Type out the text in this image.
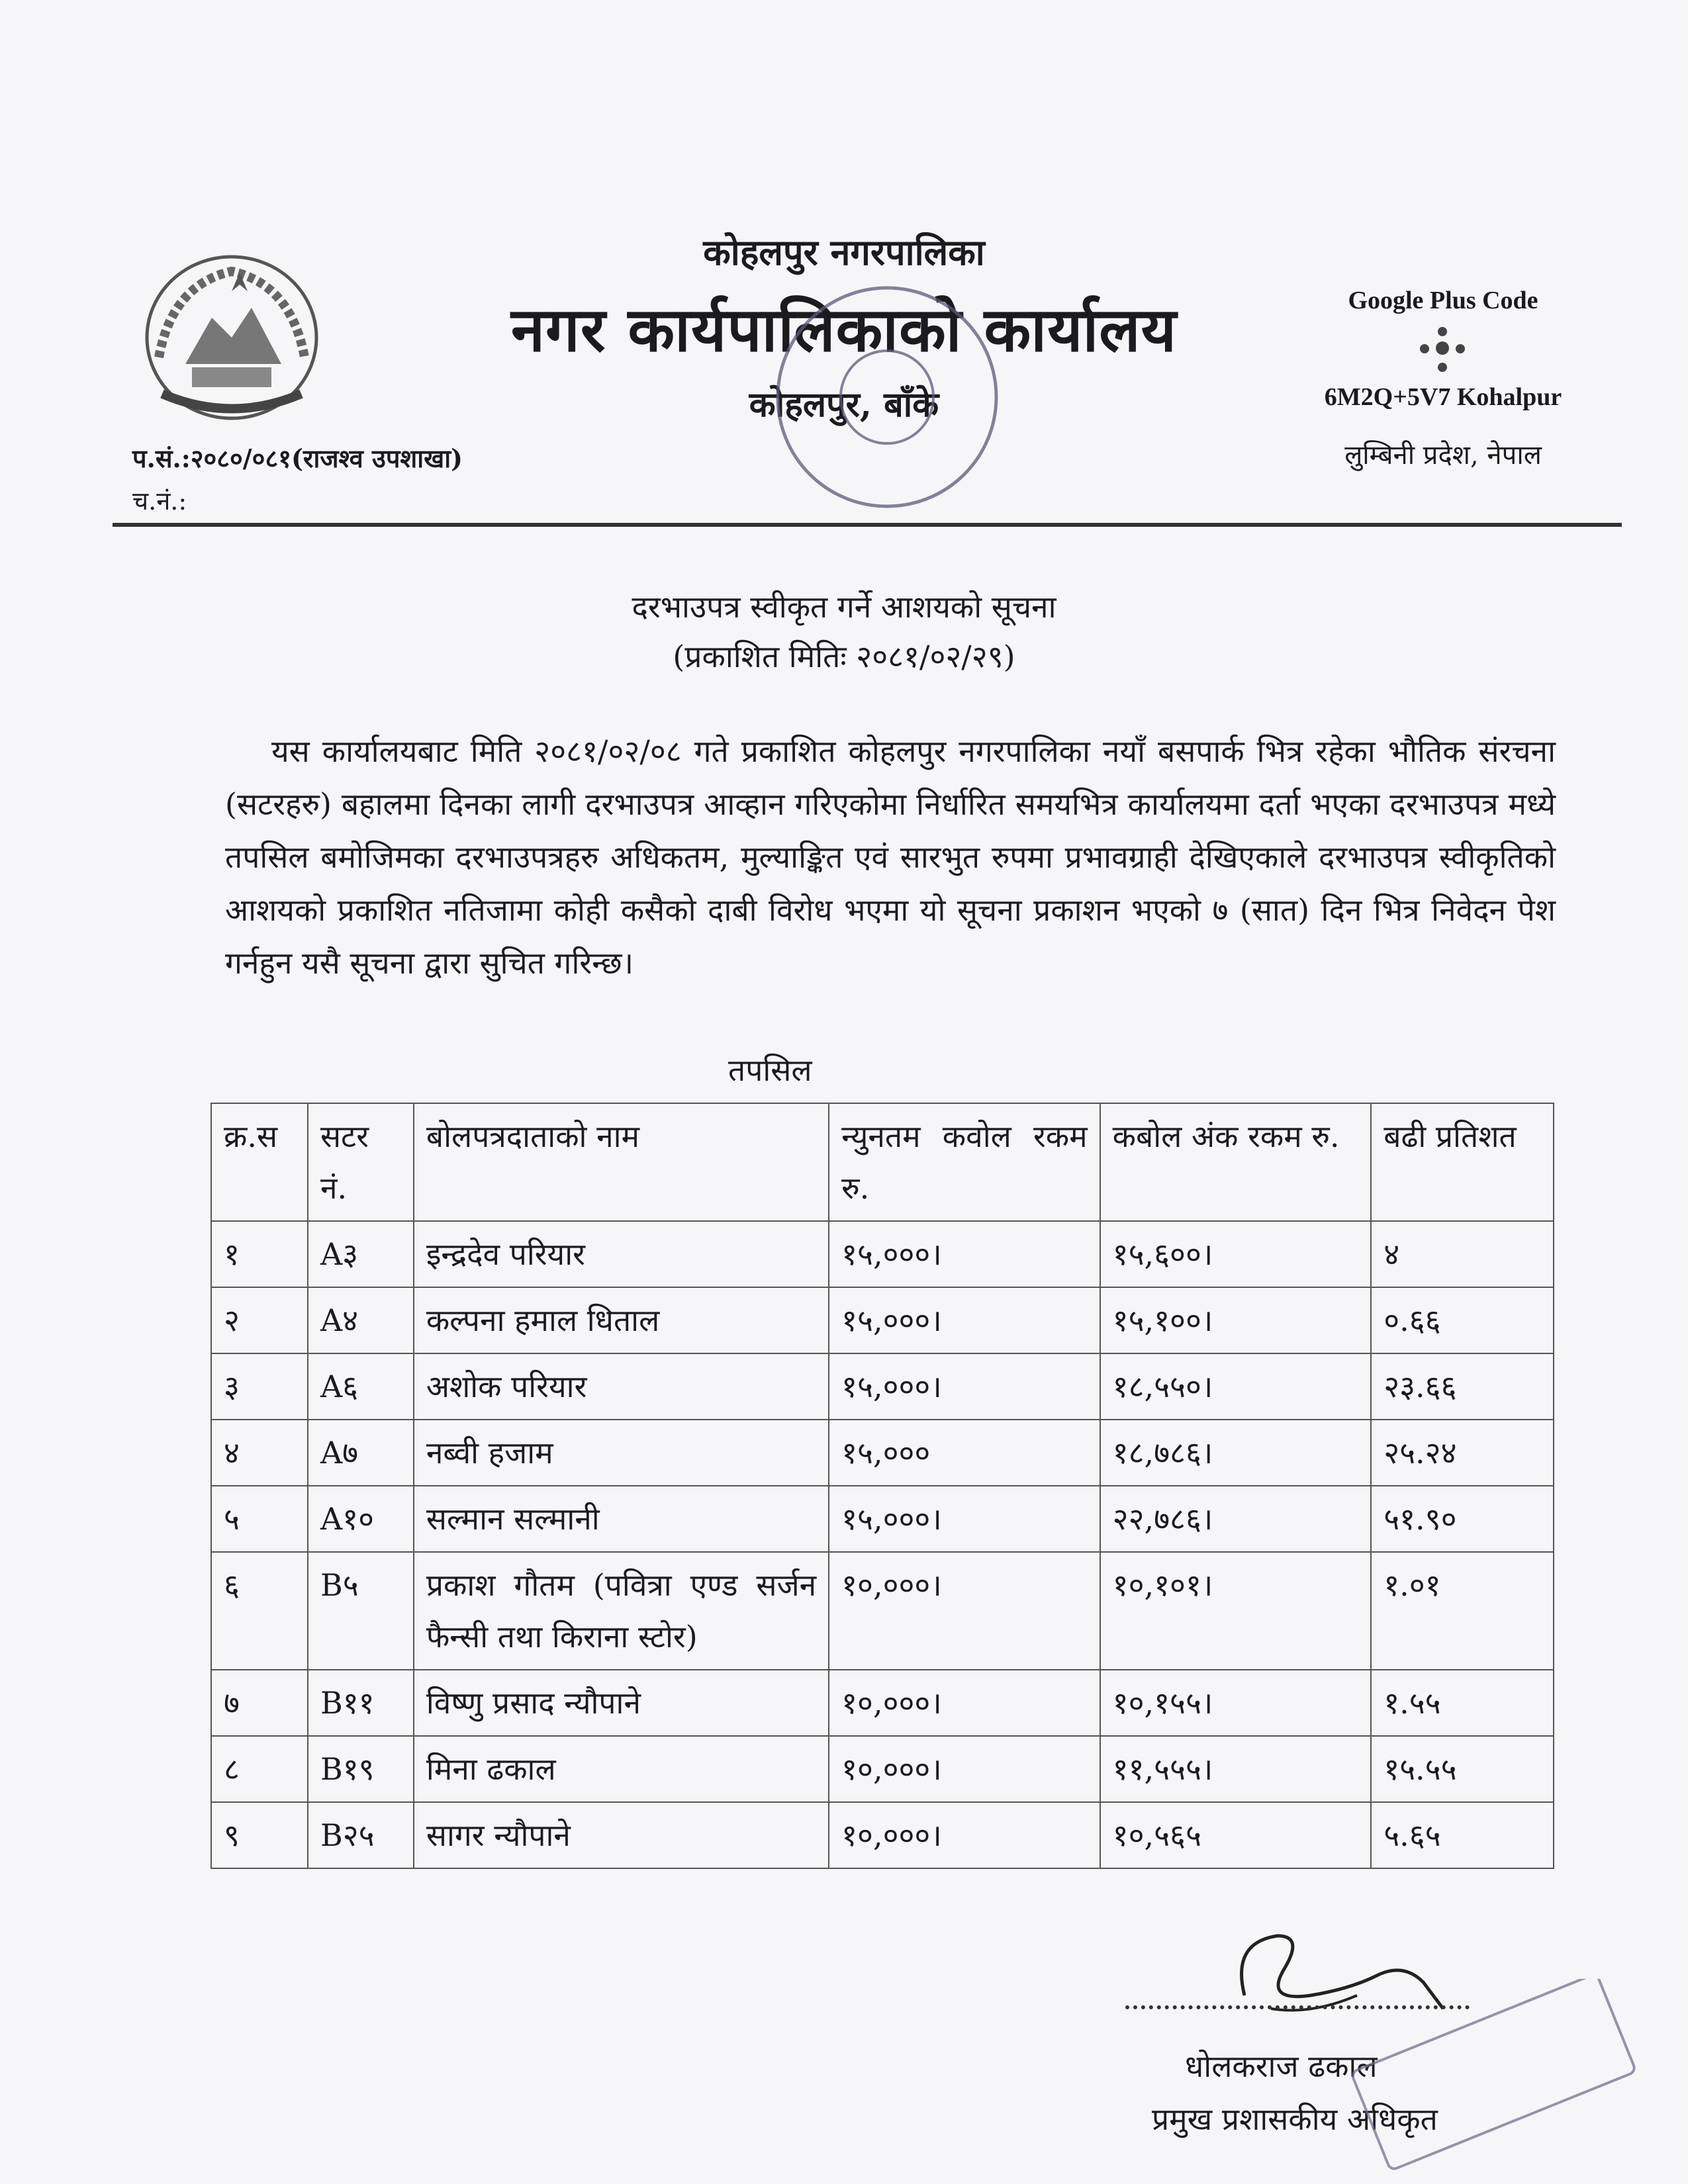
कोहलपुर नगरपालिका
नगर कार्यपालिकाको कार्यालय
कोहलपुर, बाँके
Google Plus Code
6M2Q+5V7 Kohalpur
लुम्बिनी प्रदेश, नेपाल
प.सं.:२०८०/०८१(राजश्व उपशाखा)
च.नं.:
दरभाउपत्र स्वीकृत गर्ने आशयको सूचना
(प्रकाशित मितिः २०८१/०२/२९)
यस कार्यालयबाट मिति २०८१/०२/०८ गते प्रकाशित कोहलपुर नगरपालिका नयाँ बसपार्क भित्र रहेका भौतिक संरचना (सटरहरु) बहालमा दिनका लागी दरभाउपत्र आव्हान गरिएकोमा निर्धारित समयभित्र कार्यालयमा दर्ता भएका दरभाउपत्र मध्ये तपसिल बमोजिमका दरभाउपत्रहरु अधिकतम, मुल्याङ्कित एवं सारभुत रुपमा प्रभावग्राही देखिएकाले दरभाउपत्र स्वीकृतिको आशयको प्रकाशित नतिजामा कोही कसैको दाबी विरोध भएमा यो सूचना प्रकाशन भएको ७ (सात) दिन भित्र निवेदन पेश गर्नहुन यसै सूचना द्वारा सुचित गरिन्छ।
तपसिल
क्र.स	सटर नं.	बोलपत्रदाताको नाम	न्युनतम कवोल रकम रु.	कबोल अंक रकम रु.	बढी प्रतिशत
१	A३	इन्द्रदेव परियार	१५,०००।	१५,६००।	४
२	A४	कल्पना हमाल धिताल	१५,०००।	१५,१००।	०.६६
३	A६	अशोक परियार	१५,०००।	१८,५५०।	२३.६६
४	A७	नब्वी हजाम	१५,०००	१८,७८६।	२५.२४
५	A१०	सल्मान सल्मानी	१५,०००।	२२,७८६।	५१.९०
६	B५	प्रकाश गौतम (पवित्रा एण्ड सर्जन फैन्सी तथा किराना स्टोर)	१०,०००।	१०,१०१।	१.०१
७	B११	विष्णु प्रसाद न्यौपाने	१०,०००।	१०,१५५।	१.५५
८	B१९	मिना ढकाल	१०,०००।	११,५५५।	१५.५५
९	B२५	सागर न्यौपाने	१०,०००।	१०,५६५	५.६५
धोलकराज ढकाल
प्रमुख प्रशासकीय अधिकृत
